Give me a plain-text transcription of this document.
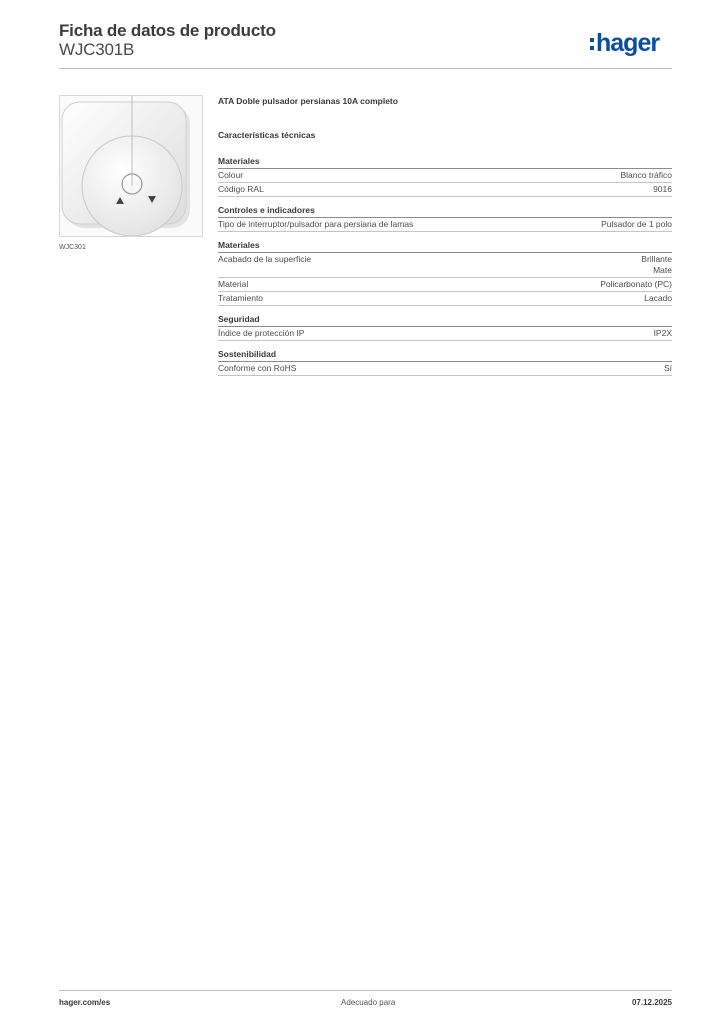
Ficha de datos de producto
WJC301B	hager
WJC301
ATA Doble pulsador persianas 10A completo
Características técnicas
Materiales
Colour	Blanco tráfico
Código RAL	9016
Controles e indicadores
Tipo de interruptor/pulsador para persiana de lamas	Pulsador de 1 polo
Materiales
Acabado de la superficie	Brillante
Mate
Material	Policarbonato (PC)
Tratamiento	Lacado
Seguridad
Índice de protección IP	IP2X
Sostenibilidad
Conforme con RoHS	Sí
hager.com/es	Adecuado para	07.12.2025
